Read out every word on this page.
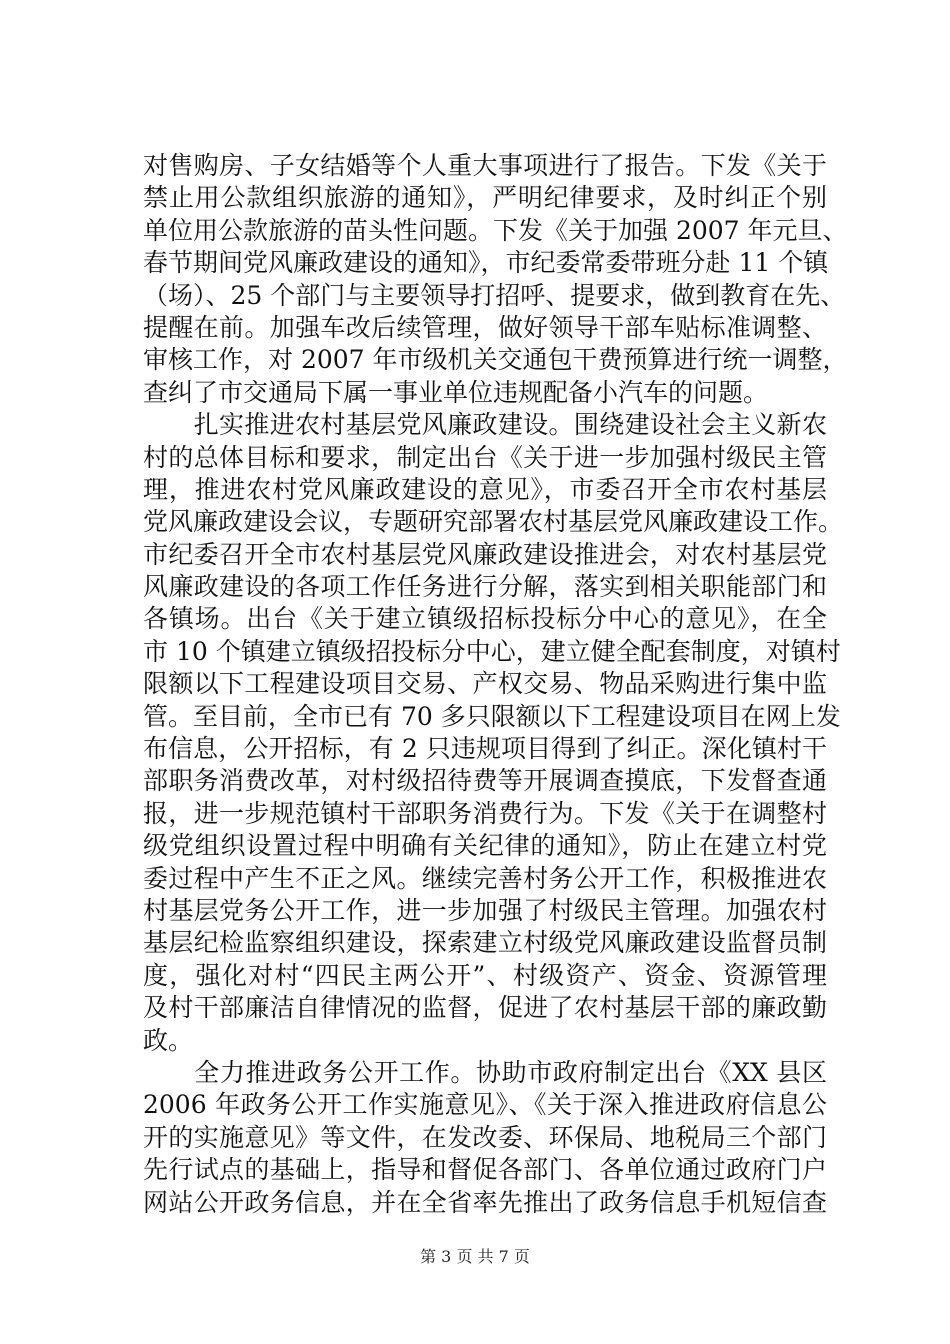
对售购房、子女结婚等个人重大事项进行了报告。下发《关于
禁止用公款组织旅游的通知》，严明纪律要求，及时纠正个别
单位用公款旅游的苗头性问题。下发《关于加强 2007 年元旦、
春节期间党风廉政建设的通知》，市纪委常委带班分赴 11 个镇
（场）、25 个部门与主要领导打招呼、提要求，做到教育在先、
提醒在前。加强车改后续管理，做好领导干部车贴标准调整、
审核工作，对 2007 年市级机关交通包干费预算进行统一调整，
查纠了市交通局下属一事业单位违规配备小汽车的问题。
　　扎实推进农村基层党风廉政建设。围绕建设社会主义新农
村的总体目标和要求，制定出台《关于进一步加强村级民主管
理，推进农村党风廉政建设的意见》，市委召开全市农村基层
党风廉政建设会议，专题研究部署农村基层党风廉政建设工作。
市纪委召开全市农村基层党风廉政建设推进会，对农村基层党
风廉政建设的各项工作任务进行分解，落实到相关职能部门和
各镇场。出台《关于建立镇级招标投标分中心的意见》，在全
市 10 个镇建立镇级招投标分中心，建立健全配套制度，对镇村
限额以下工程建设项目交易、产权交易、物品采购进行集中监
管。至目前，全市已有 70 多只限额以下工程建设项目在网上发
布信息，公开招标，有 2 只违规项目得到了纠正。深化镇村干
部职务消费改革，对村级招待费等开展调查摸底，下发督查通
报，进一步规范镇村干部职务消费行为。下发《关于在调整村
级党组织设置过程中明确有关纪律的通知》，防止在建立村党
委过程中产生不正之风。继续完善村务公开工作，积极推进农
村基层党务公开工作，进一步加强了村级民主管理。加强农村
基层纪检监察组织建设，探索建立村级党风廉政建设监督员制
度，强化对村“四民主两公开”、村级资产、资金、资源管理
及村干部廉洁自律情况的监督，促进了农村基层干部的廉政勤
政。
　　全力推进政务公开工作。协助市政府制定出台《XX 县区
2006 年政务公开工作实施意见》、《关于深入推进政府信息公
开的实施意见》等文件，在发改委、环保局、地税局三个部门
先行试点的基础上，指导和督促各部门、各单位通过政府门户
网站公开政务信息，并在全省率先推出了政务信息手机短信查
第 3 页 共 7 页
